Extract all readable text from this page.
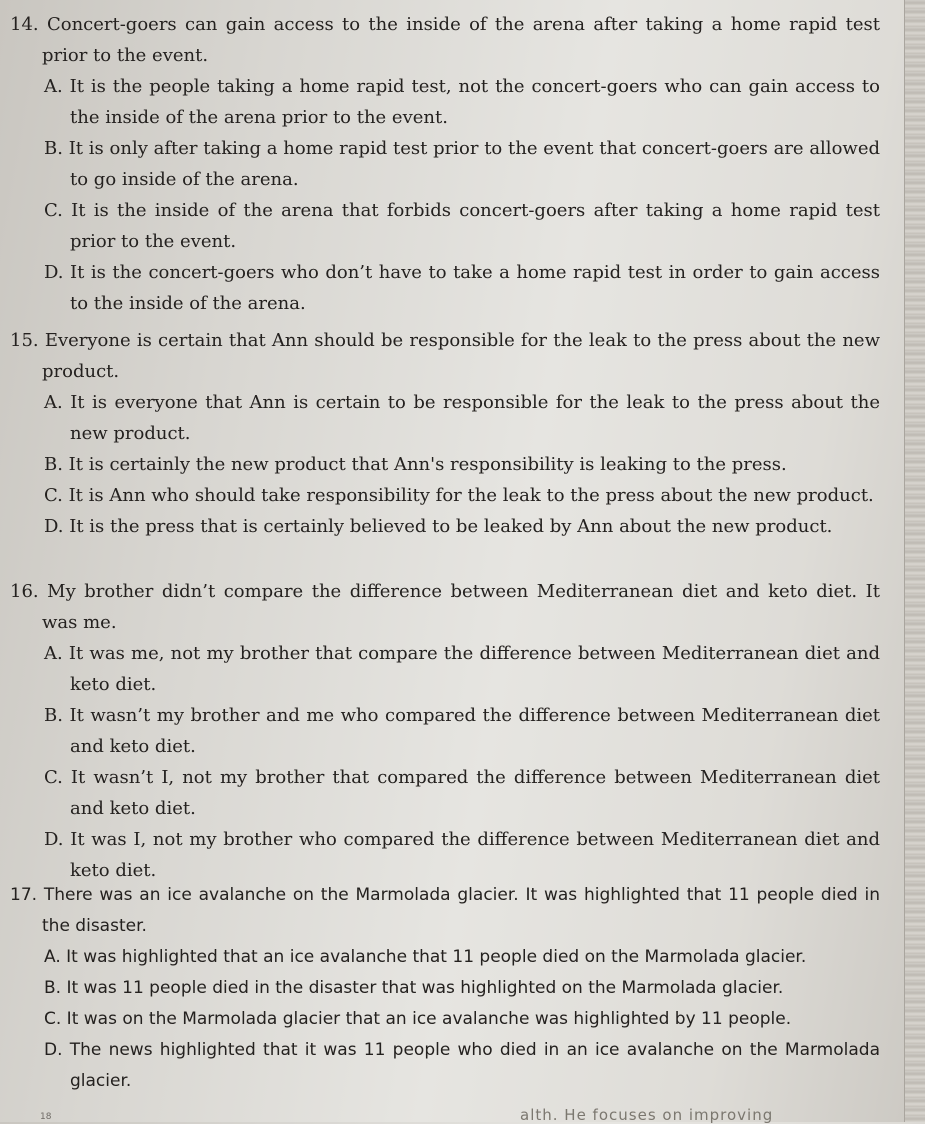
14. Concert-goers can gain access to the inside of the arena after taking a home rapid test prior to the event.

A. It is the people taking a home rapid test, not the concert-goers who can gain access to the inside of the arena prior to the event.

B. It is only after taking a home rapid test prior to the event that concert-goers are allowed to go inside of the arena.

C. It is the inside of the arena that forbids concert-goers after taking a home rapid test prior to the event.

D. It is the concert-goers who don’t have to take a home rapid test in order to gain access to the inside of the arena.

15. Everyone is certain that Ann should be responsible for the leak to the press about the new product.

A. It is everyone that Ann is certain to be responsible for the leak to the press about the new product.

B. It is certainly the new product that Ann's responsibility is leaking to the press.

C. It is Ann who should take responsibility for the leak to the press about the new product.

D. It is the press that is certainly believed to be leaked by Ann about the new product.

16. My brother didn’t compare the difference between Mediterranean diet and keto diet. It was me.

A. It was me, not my brother that compare the difference between Mediterranean diet and keto diet.

B. It wasn’t my brother and me who compared the difference between Mediterranean diet and keto diet.

C. It wasn’t I, not my brother that compared the difference between Mediterranean diet and keto diet.

D. It was I, not my brother who compared the difference between Mediterranean diet and keto diet.

17. There was an ice avalanche on the Marmolada glacier. It was highlighted that 11 people died in the disaster.

A. It was highlighted that an ice avalanche that 11 people died on the Marmolada glacier.

B. It was 11 people died in the disaster that was highlighted on the Marmolada glacier.

C. It was on the Marmolada glacier that an ice avalanche was highlighted by 11 people.

D. The news highlighted that it was 11 people who died in an ice avalanche on the Marmolada glacier.

18	alth. He focuses on improving
